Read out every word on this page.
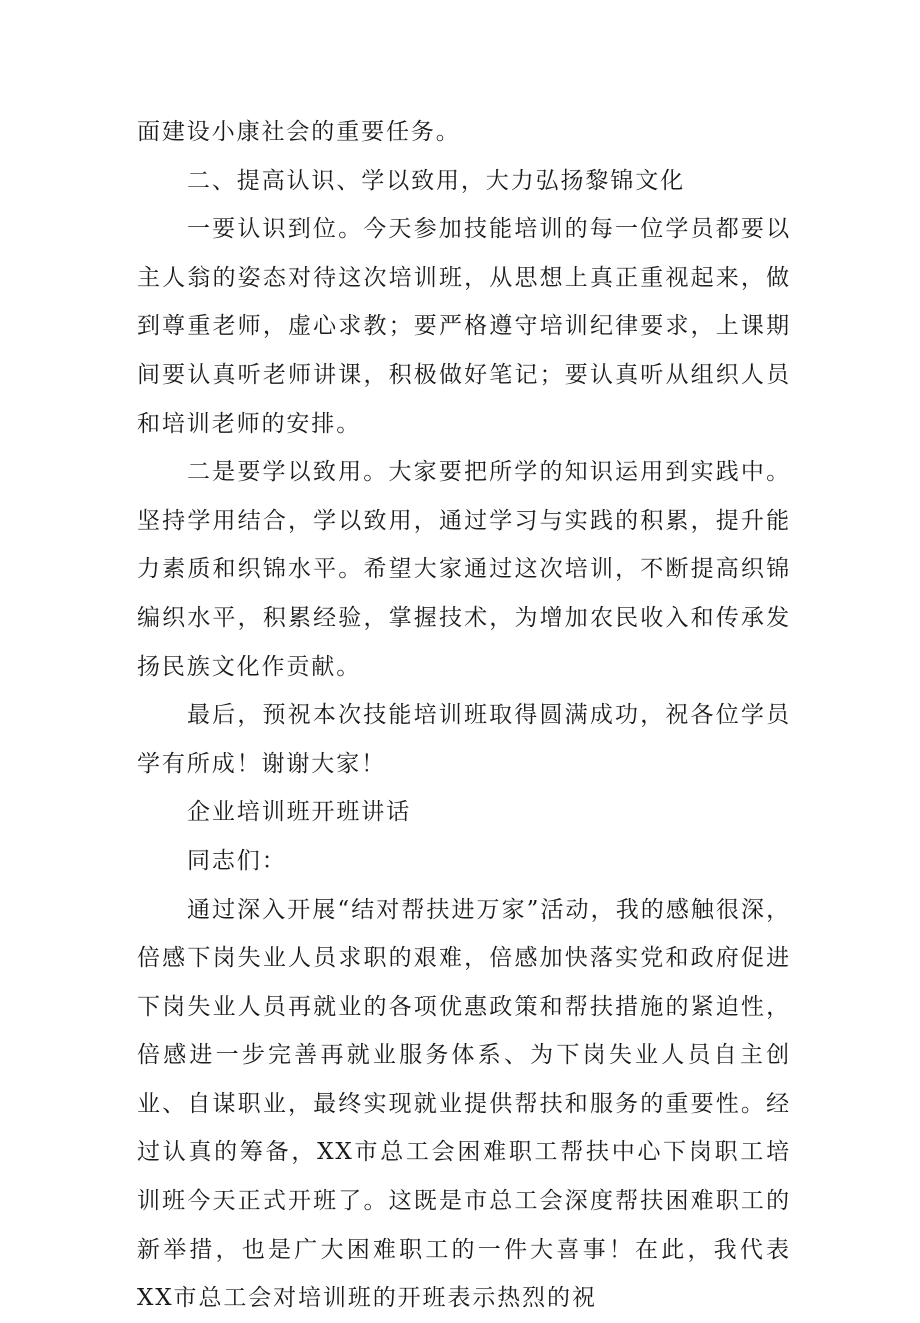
面建设小康社会的重要任务。

二、提高认识、学以致用，大力弘扬黎锦文化

一要认识到位。今天参加技能培训的每一位学员都要以主人翁的姿态对待这次培训班，从思想上真正重视起来，做到尊重老师，虚心求教；要严格遵守培训纪律要求，上课期间要认真听老师讲课，积极做好笔记；要认真听从组织人员和培训老师的安排。

二是要学以致用。大家要把所学的知识运用到实践中。坚持学用结合，学以致用，通过学习与实践的积累，提升能力素质和织锦水平。希望大家通过这次培训，不断提高织锦编织水平，积累经验，掌握技术，为增加农民收入和传承发扬民族文化作贡献。

最后，预祝本次技能培训班取得圆满成功，祝各位学员学有所成！谢谢大家！

企业培训班开班讲话

同志们：

通过深入开展“结对帮扶进万家”活动，我的感触很深，倍感下岗失业人员求职的艰难，倍感加快落实党和政府促进下岗失业人员再就业的各项优惠政策和帮扶措施的紧迫性，倍感进一步完善再就业服务体系、为下岗失业人员自主创业、自谋职业，最终实现就业提供帮扶和服务的重要性。经过认真的筹备，XX市总工会困难职工帮扶中心下岗职工培训班今天正式开班了。这既是市总工会深度帮扶困难职工的新举措，也是广大困难职工的一件大喜事！在此，我代表XX市总工会对培训班的开班表示热烈的祝
